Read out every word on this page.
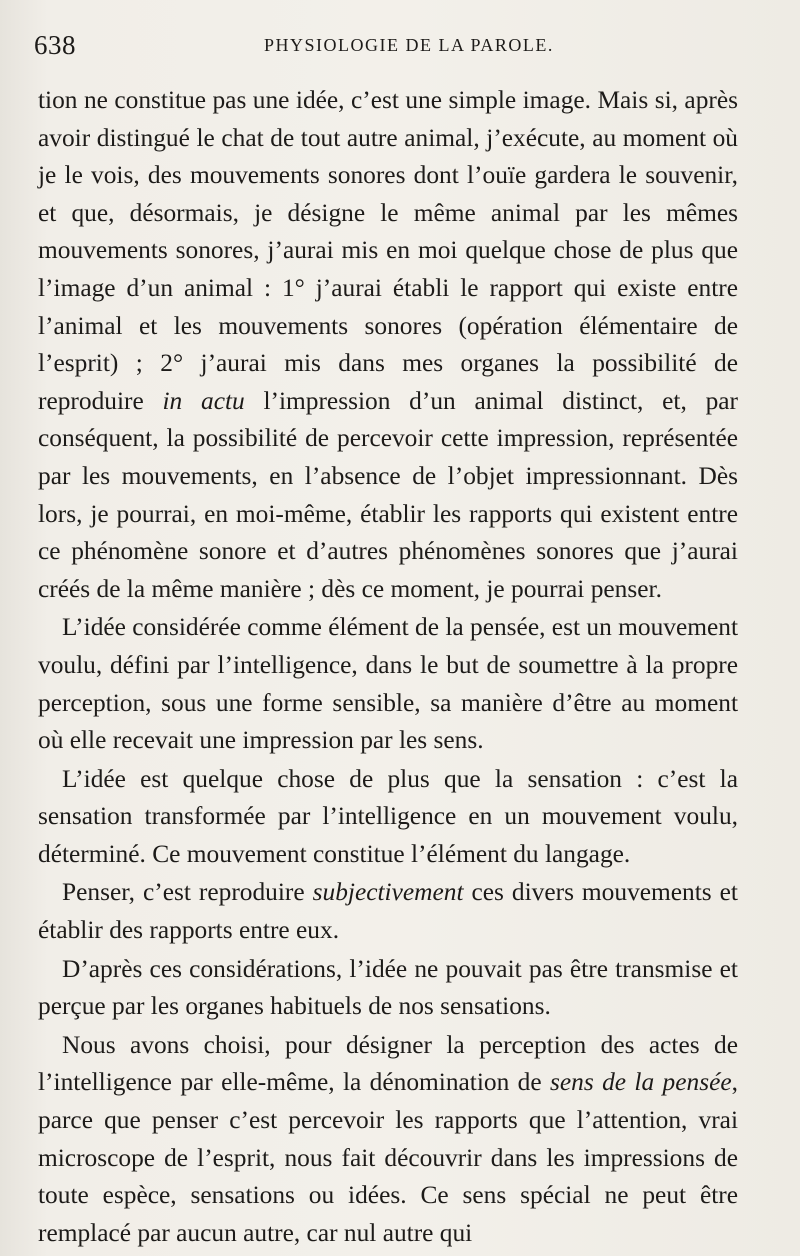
638	PHYSIOLOGIE DE LA PAROLE.

tion ne constitue pas une idée, c’est une simple image. Mais si, après avoir distingué le chat de tout autre animal, j’exécute, au moment où je le vois, des mouvements sonores dont l’ouïe gardera le souvenir, et que, désormais, je désigne le même animal par les mêmes mouvements sonores, j’aurai mis en moi quelque chose de plus que l’image d’un animal : 1° j’aurai établi le rapport qui existe entre l’animal et les mouvements sonores (opération élémentaire de l’esprit) ; 2° j’aurai mis dans mes organes la possibilité de reproduire in actu l’impression d’un animal distinct, et, par conséquent, la possibilité de percevoir cette impression, représentée par les mouvements, en l’absence de l’objet impressionnant. Dès lors, je pourrai, en moi-même, établir les rapports qui existent entre ce phénomène sonore et d’autres phénomènes sonores que j’aurai créés de la même manière ; dès ce moment, je pourrai penser.

L’idée considérée comme élément de la pensée, est un mouvement voulu, défini par l’intelligence, dans le but de soumettre à la propre perception, sous une forme sensible, sa manière d’être au moment où elle recevait une impression par les sens.

L’idée est quelque chose de plus que la sensation : c’est la sensation transformée par l’intelligence en un mouvement voulu, déterminé. Ce mouvement constitue l’élément du langage.

Penser, c’est reproduire subjectivement ces divers mouvements et établir des rapports entre eux.

D’après ces considérations, l’idée ne pouvait pas être transmise et perçue par les organes habituels de nos sensations.

Nous avons choisi, pour désigner la perception des actes de l’intelligence par elle-même, la dénomination de sens de la pensée, parce que penser c’est percevoir les rapports que l’attention, vrai microscope de l’esprit, nous fait découvrir dans les impressions de toute espèce, sensations ou idées. Ce sens spécial ne peut être remplacé par aucun autre, car nul autre qui
